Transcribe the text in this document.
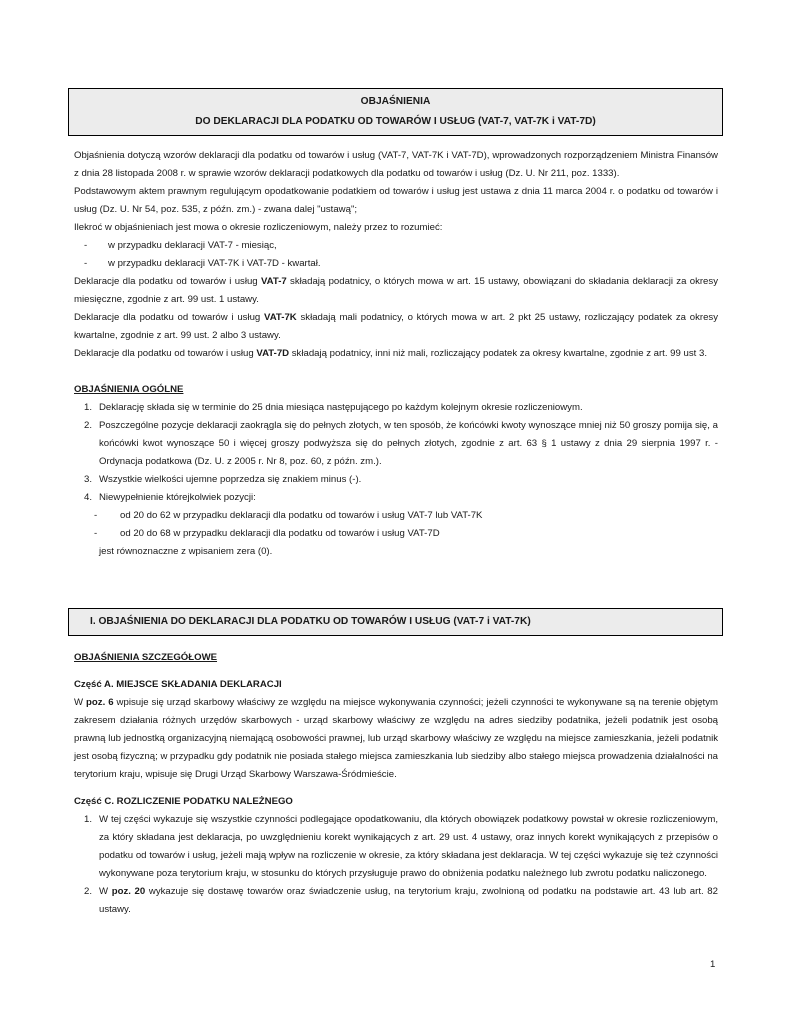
OBJAŚNIENIA
DO DEKLARACJI DLA PODATKU OD TOWARÓW I USŁUG (VAT-7, VAT-7K i VAT-7D)

Objaśnienia dotyczą wzorów deklaracji dla podatku od towarów i usług (VAT-7, VAT-7K i VAT-7D), wprowadzonych rozporządzeniem Ministra Finansów z dnia 28 listopada 2008 r. w sprawie wzorów deklaracji podatkowych dla podatku od towarów i usług (Dz. U. Nr 211, poz. 1333).

Podstawowym aktem prawnym regulującym opodatkowanie podatkiem od towarów i usług jest ustawa z dnia 11 marca 2004 r. o podatku od towarów i usług (Dz. U. Nr 54, poz. 535, z późn. zm.) - zwana dalej "ustawą";

Ilekroć w objaśnieniach jest mowa o okresie rozliczeniowym, należy przez to rozumieć:

-	w przypadku deklaracji VAT-7 - miesiąc,
-	w przypadku deklaracji VAT-7K i VAT-7D - kwartał.

Deklaracje dla podatku od towarów i usług VAT-7 składają podatnicy, o których mowa w art. 15 ustawy, obowiązani do składania deklaracji za okresy miesięczne, zgodnie z art. 99 ust. 1 ustawy.

Deklaracje dla podatku od towarów i usług VAT-7K składają mali podatnicy, o których mowa w art. 2 pkt 25 ustawy, rozliczający podatek za okresy kwartalne, zgodnie z art. 99 ust. 2 albo 3 ustawy.

Deklaracje dla podatku od towarów i usług VAT-7D składają podatnicy, inni niż mali, rozliczający podatek za okresy kwartalne, zgodnie z art. 99 ust 3.

OBJAŚNIENIA OGÓLNE

1. Deklarację składa się w terminie do 25 dnia miesiąca następującego po każdym kolejnym okresie rozliczeniowym.
2. Poszczególne pozycje deklaracji zaokrągla się do pełnych złotych, w ten sposób, że końcówki kwoty wynoszące mniej niż 50 groszy pomija się, a końcówki kwot wynoszące 50 i więcej groszy podwyższa się do pełnych złotych, zgodnie z art. 63 § 1 ustawy z dnia 29 sierpnia 1997 r. - Ordynacja podatkowa (Dz. U. z 2005 r. Nr 8, poz. 60, z późn. zm.).
3. Wszystkie wielkości ujemne poprzedza się znakiem minus (-).
4. Niewypełnienie którejkolwiek pozycji:
-	od 20 do 62 w przypadku deklaracji dla podatku od towarów i usług VAT-7 lub VAT-7K
-	od 20 do 68 w przypadku deklaracji dla podatku od towarów i usług VAT-7D

jest równoznaczne z wpisaniem zera (0).

I. OBJAŚNIENIA DO DEKLARACJI DLA PODATKU OD TOWARÓW I USŁUG (VAT-7 i VAT-7K)

OBJAŚNIENIA SZCZEGÓŁOWE

Część A. MIEJSCE SKŁADANIA DEKLARACJI

W poz. 6 wpisuje się urząd skarbowy właściwy ze względu na miejsce wykonywania czynności; jeżeli czynności te wykonywane są na terenie objętym zakresem działania różnych urzędów skarbowych - urząd skarbowy właściwy ze względu na adres siedziby podatnika, jeżeli podatnik jest osobą prawną lub jednostką organizacyjną niemającą osobowości prawnej, lub urząd skarbowy właściwy ze względu na miejsce zamieszkania, jeżeli podatnik jest osobą fizyczną; w przypadku gdy podatnik nie posiada stałego miejsca zamieszkania lub siedziby albo stałego miejsca prowadzenia działalności na terytorium kraju, wpisuje się Drugi Urząd Skarbowy Warszawa-Śródmieście.

Część C. ROZLICZENIE PODATKU NALEŻNEGO

1. W tej części wykazuje się wszystkie czynności podlegające opodatkowaniu, dla których obowiązek podatkowy powstał w okresie rozliczeniowym, za który składana jest deklaracja, po uwzględnieniu korekt wynikających z art. 29 ust. 4 ustawy, oraz innych korekt wynikających z przepisów o podatku od towarów i usług, jeżeli mają wpływ na rozliczenie w okresie, za który składana jest deklaracja. W tej części wykazuje się też czynności wykonywane poza terytorium kraju, w stosunku do których przysługuje prawo do obniżenia podatku należnego lub zwrotu podatku naliczonego.
2. W poz. 20 wykazuje się dostawę towarów oraz świadczenie usług, na terytorium kraju, zwolnioną od podatku na podstawie art. 43 lub art. 82 ustawy.
1
